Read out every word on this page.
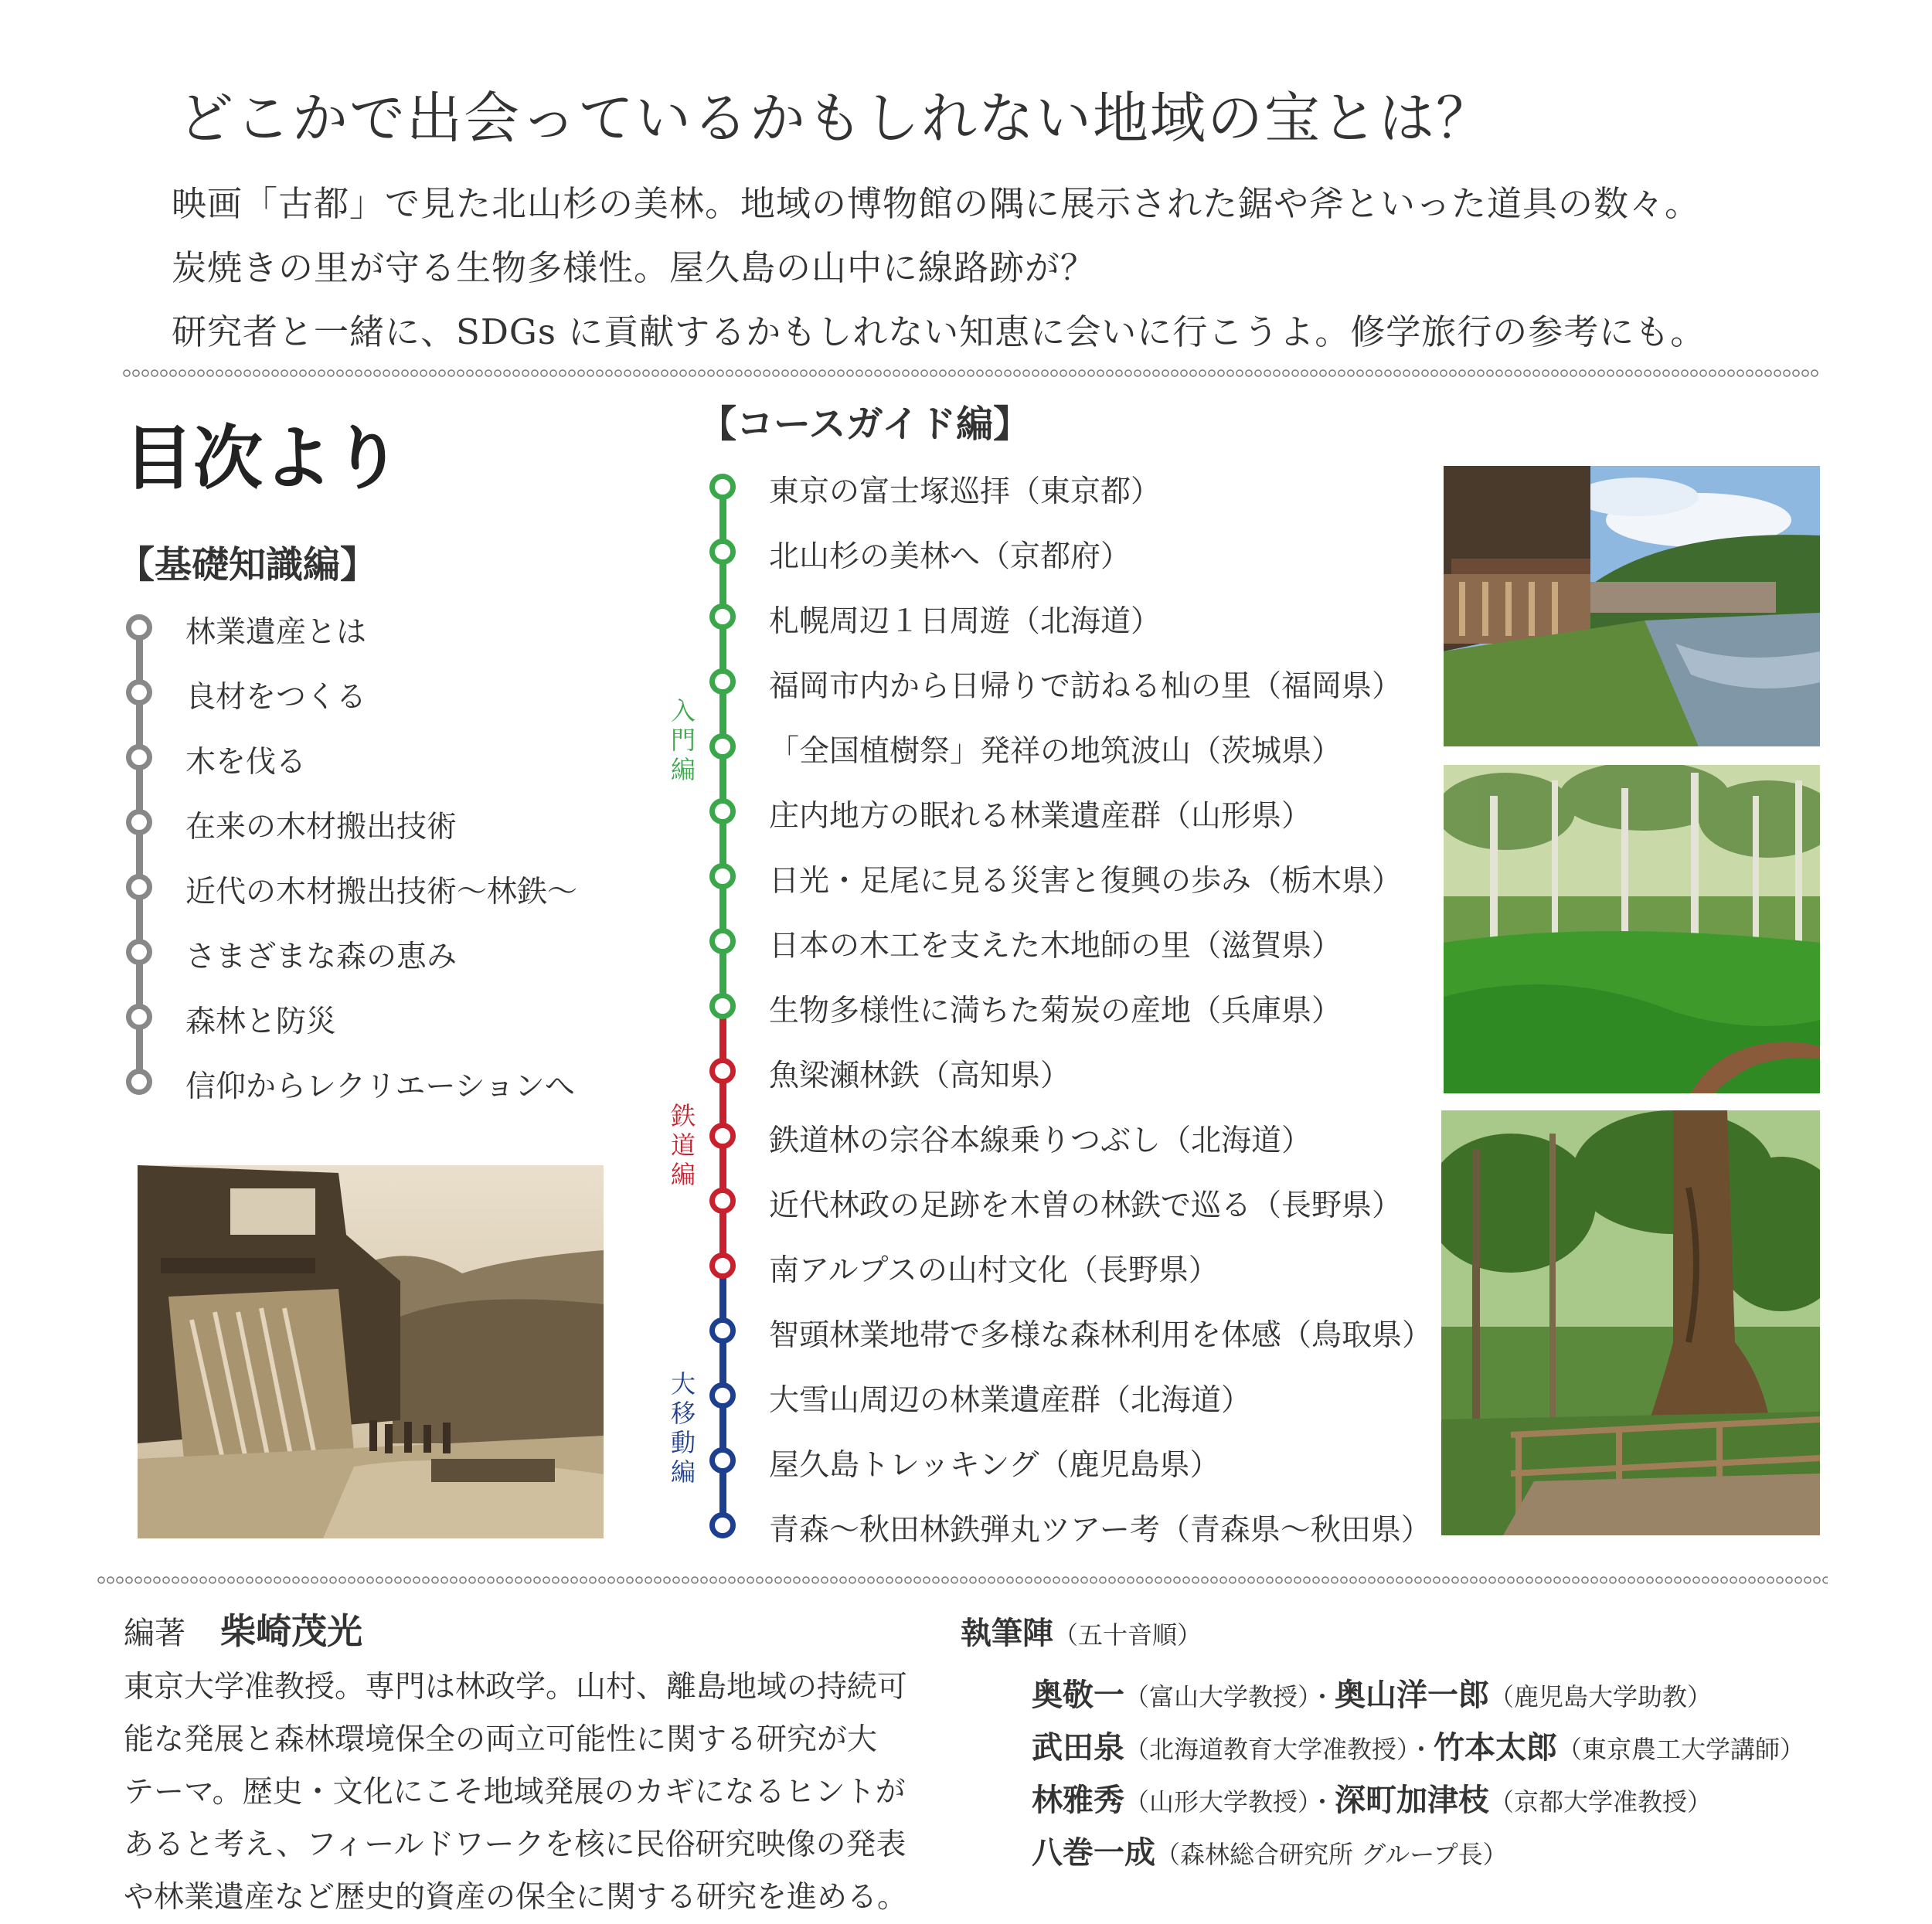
どこかで出会っているかもしれない地域の宝とは？
映画「古都」で見た北山杉の美林。地域の博物館の隅に展示された鋸や斧といった道具の数々。
炭焼きの里が守る生物多様性。屋久島の山中に線路跡が？
研究者と一緒に、SDGs に貢献するかもしれない知恵に会いに行こうよ。修学旅行の参考にも。
目次より
【基礎知識編】
林業遺産とは
良材をつくる
木を伐る
在来の木材搬出技術
近代の木材搬出技術～林鉄～
さまざまな森の恵み
森林と防災
信仰からレクリエーションへ
【コースガイド編】
入
門
編
鉄
道
編
大
移
動
編
東京の富士塚巡拝（東京都）
北山杉の美林へ（京都府）
札幌周辺１日周遊（北海道）
福岡市内から日帰りで訪ねる杣の里（福岡県）
「全国植樹祭」発祥の地筑波山（茨城県）
庄内地方の眠れる林業遺産群（山形県）
日光・足尾に見る災害と復興の歩み（栃木県）
日本の木工を支えた木地師の里（滋賀県）
生物多様性に満ちた菊炭の産地（兵庫県）
魚梁瀬林鉄（高知県）
鉄道林の宗谷本線乗りつぶし（北海道）
近代林政の足跡を木曽の林鉄で巡る（長野県）
南アルプスの山村文化（長野県）
智頭林業地帯で多様な森林利用を体感（鳥取県）
大雪山周辺の林業遺産群（北海道）
屋久島トレッキング（鹿児島県）
青森～秋田林鉄弾丸ツアー考（青森県～秋田県）
編著 柴崎茂光
東京大学准教授。専門は林政学。山村、離島地域の持続可
能な発展と森林環境保全の両立可能性に関する研究が大
テーマ。歴史・文化にこそ地域発展のカギになるヒントが
あると考え、フィールドワークを核に民俗研究映像の発表
や林業遺産など歴史的資産の保全に関する研究を進める。
執筆陣（五十音順）
奥敬一（富山大学教授）・奥山洋一郎（鹿児島大学助教）
武田泉（北海道教育大学准教授）・竹本太郎（東京農工大学講師）
林雅秀（山形大学教授）・深町加津枝（京都大学准教授）
八巻一成（森林総合研究所 グループ長）
